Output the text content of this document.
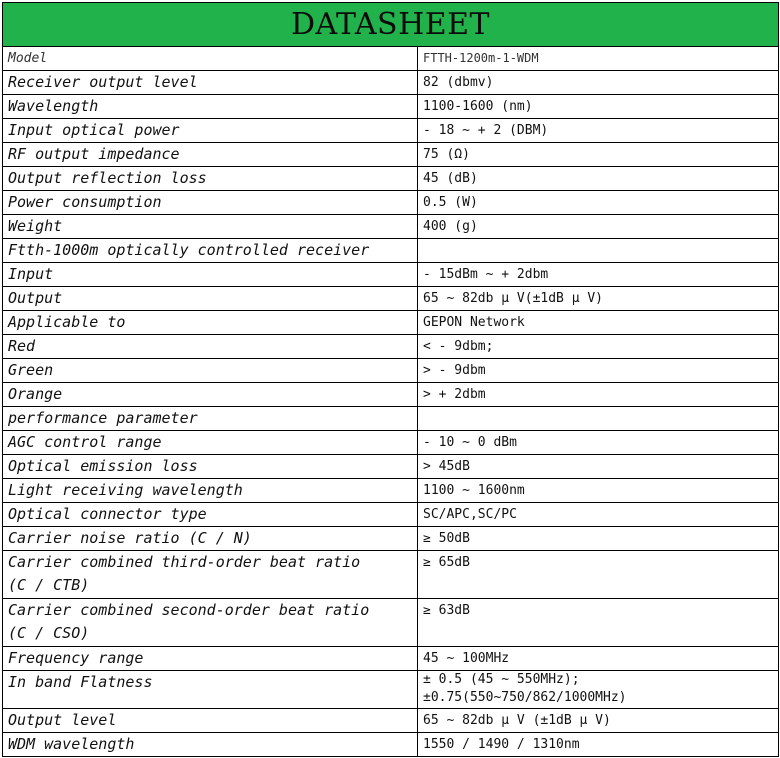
DATASHEET	
Model	FTTH-1200m-1-WDM
Receiver output level	82 (dbmv)
Wavelength	1100-1600 (nm)
Input optical power	- 18 ~ + 2 (DBM)
RF output impedance	75 (Ω)
Output reflection loss	45 (dB)
Power consumption	0.5 (W)
Weight	400 (g)
Ftth-1000m optically controlled receiver	
Input	- 15dBm ~ + 2dbm
Output	65 ~ 82db μ V(±1dB μ V)
Applicable to	GEPON Network
Red	< - 9dbm;
Green	> - 9dbm
Orange	> + 2dbm
performance parameter	
AGC control range	- 10 ~ 0 dBm
Optical emission loss	> 45dB
Light receiving wavelength	1100 ~ 1600nm
Optical connector type	SC/APC,SC/PC
Carrier noise ratio (C / N)	≥ 50dB

Carrier combined third-order beat ratio
(C / CTB)	≥ 65dB

Carrier combined second-order beat ratio
(C / CSO)	≥ 63dB
Frequency range	45 ~ 100MHz
In band Flatness	± 0.5 (45 ~ 550MHz);
±0.75(550~750/862/1000MHz)

Output level	65 ~ 82db μ V (±1dB μ V)
WDM wavelength	1550 / 1490 / 1310nm
